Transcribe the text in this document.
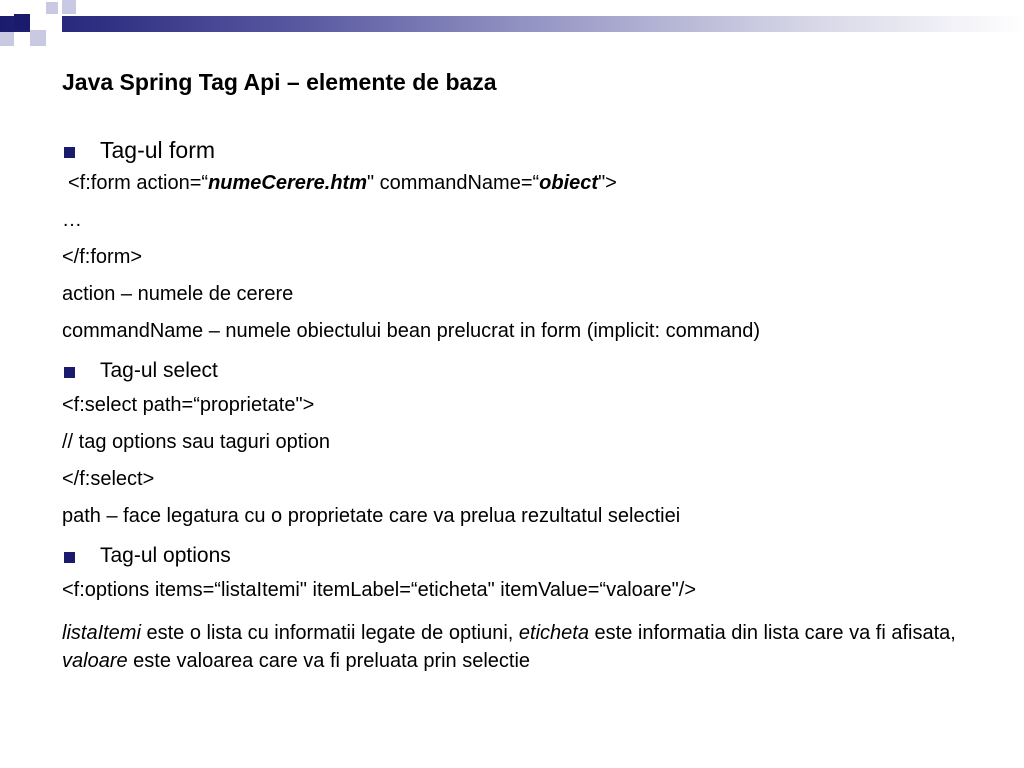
Java Spring Tag Api – elemente de baza
Tag-ul form
<f:form action=“numeCerere.htm" commandName=“obiect">
…
</f:form>
action – numele de cerere
commandName – numele obiectului bean prelucrat in form (implicit: command)
Tag-ul select
<f:select path=“proprietate">
// tag options sau taguri option
</f:select>
path – face legatura cu o proprietate care va prelua rezultatul selectiei
Tag-ul options
<f:options items=“listaItemi" itemLabel=“eticheta" itemValue=“valoare"/>
listaItemi este o lista cu informatii legate de optiuni, eticheta este informatia din lista care va fi afisata, valoare este valoarea care va fi preluata prin selectie
